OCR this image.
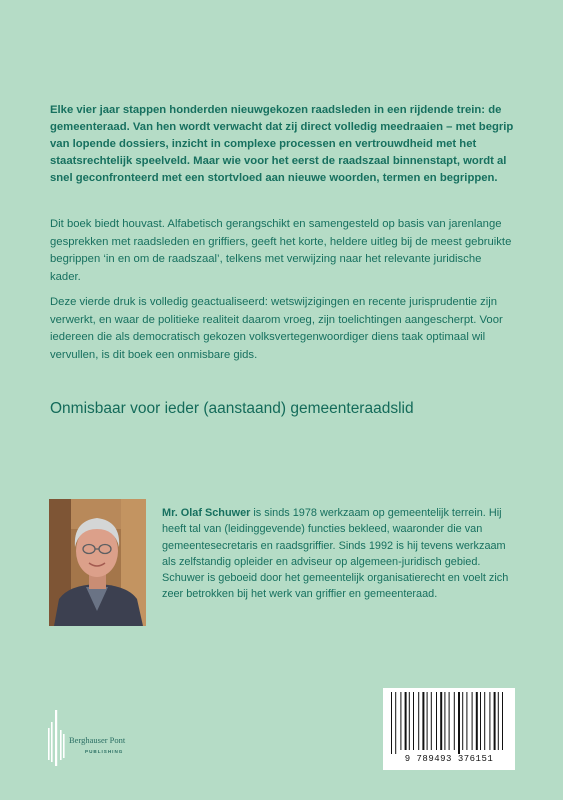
Elke vier jaar stappen honderden nieuwgekozen raadsleden in een rijdende trein: de gemeenteraad. Van hen wordt verwacht dat zij direct volledig meedraaien – met begrip van lopende dossiers, inzicht in complexe processen en vertrouwdheid met het staatsrechtelijk speelveld. Maar wie voor het eerst de raadszaal binnenstapt, wordt al snel geconfronteerd met een stortvloed aan nieuwe woorden, termen en begrippen.

Dit boek biedt houvast. Alfabetisch gerangschikt en samengesteld op basis van jarenlange gesprekken met raadsleden en griffiers, geeft het korte, heldere uitleg bij de meest gebruikte begrippen ‘in en om de raadszaal’, telkens met verwijzing naar het relevante juridische kader.

Deze vierde druk is volledig geactualiseerd: wetswijzigingen en recente jurisprudentie zijn verwerkt, en waar de politieke realiteit daarom vroeg, zijn toelichtingen aangescherpt. Voor iedereen die als democratisch gekozen volksvertegenwoordiger diens taak optimaal wil vervullen, is dit boek een onmisbare gids.

Onmisbaar voor ieder (aanstaand) gemeenteraadslid

Mr. Olaf Schuwer is sinds 1978 werkzaam op gemeentelijk terrein. Hij heeft tal van (leidinggevende) functies bekleed, waaronder die van gemeentesecretaris en raadsgriffier. Sinds 1992 is hij tevens werkzaam als zelfstandig opleider en adviseur op algemeen-juridisch gebied. Schuwer is geboeid door het gemeentelijk organisatierecht en voelt zich zeer betrokken bij het werk van griffier en gemeenteraad.

Berghauser Pont
PUBLISHING
9 789493 376151
